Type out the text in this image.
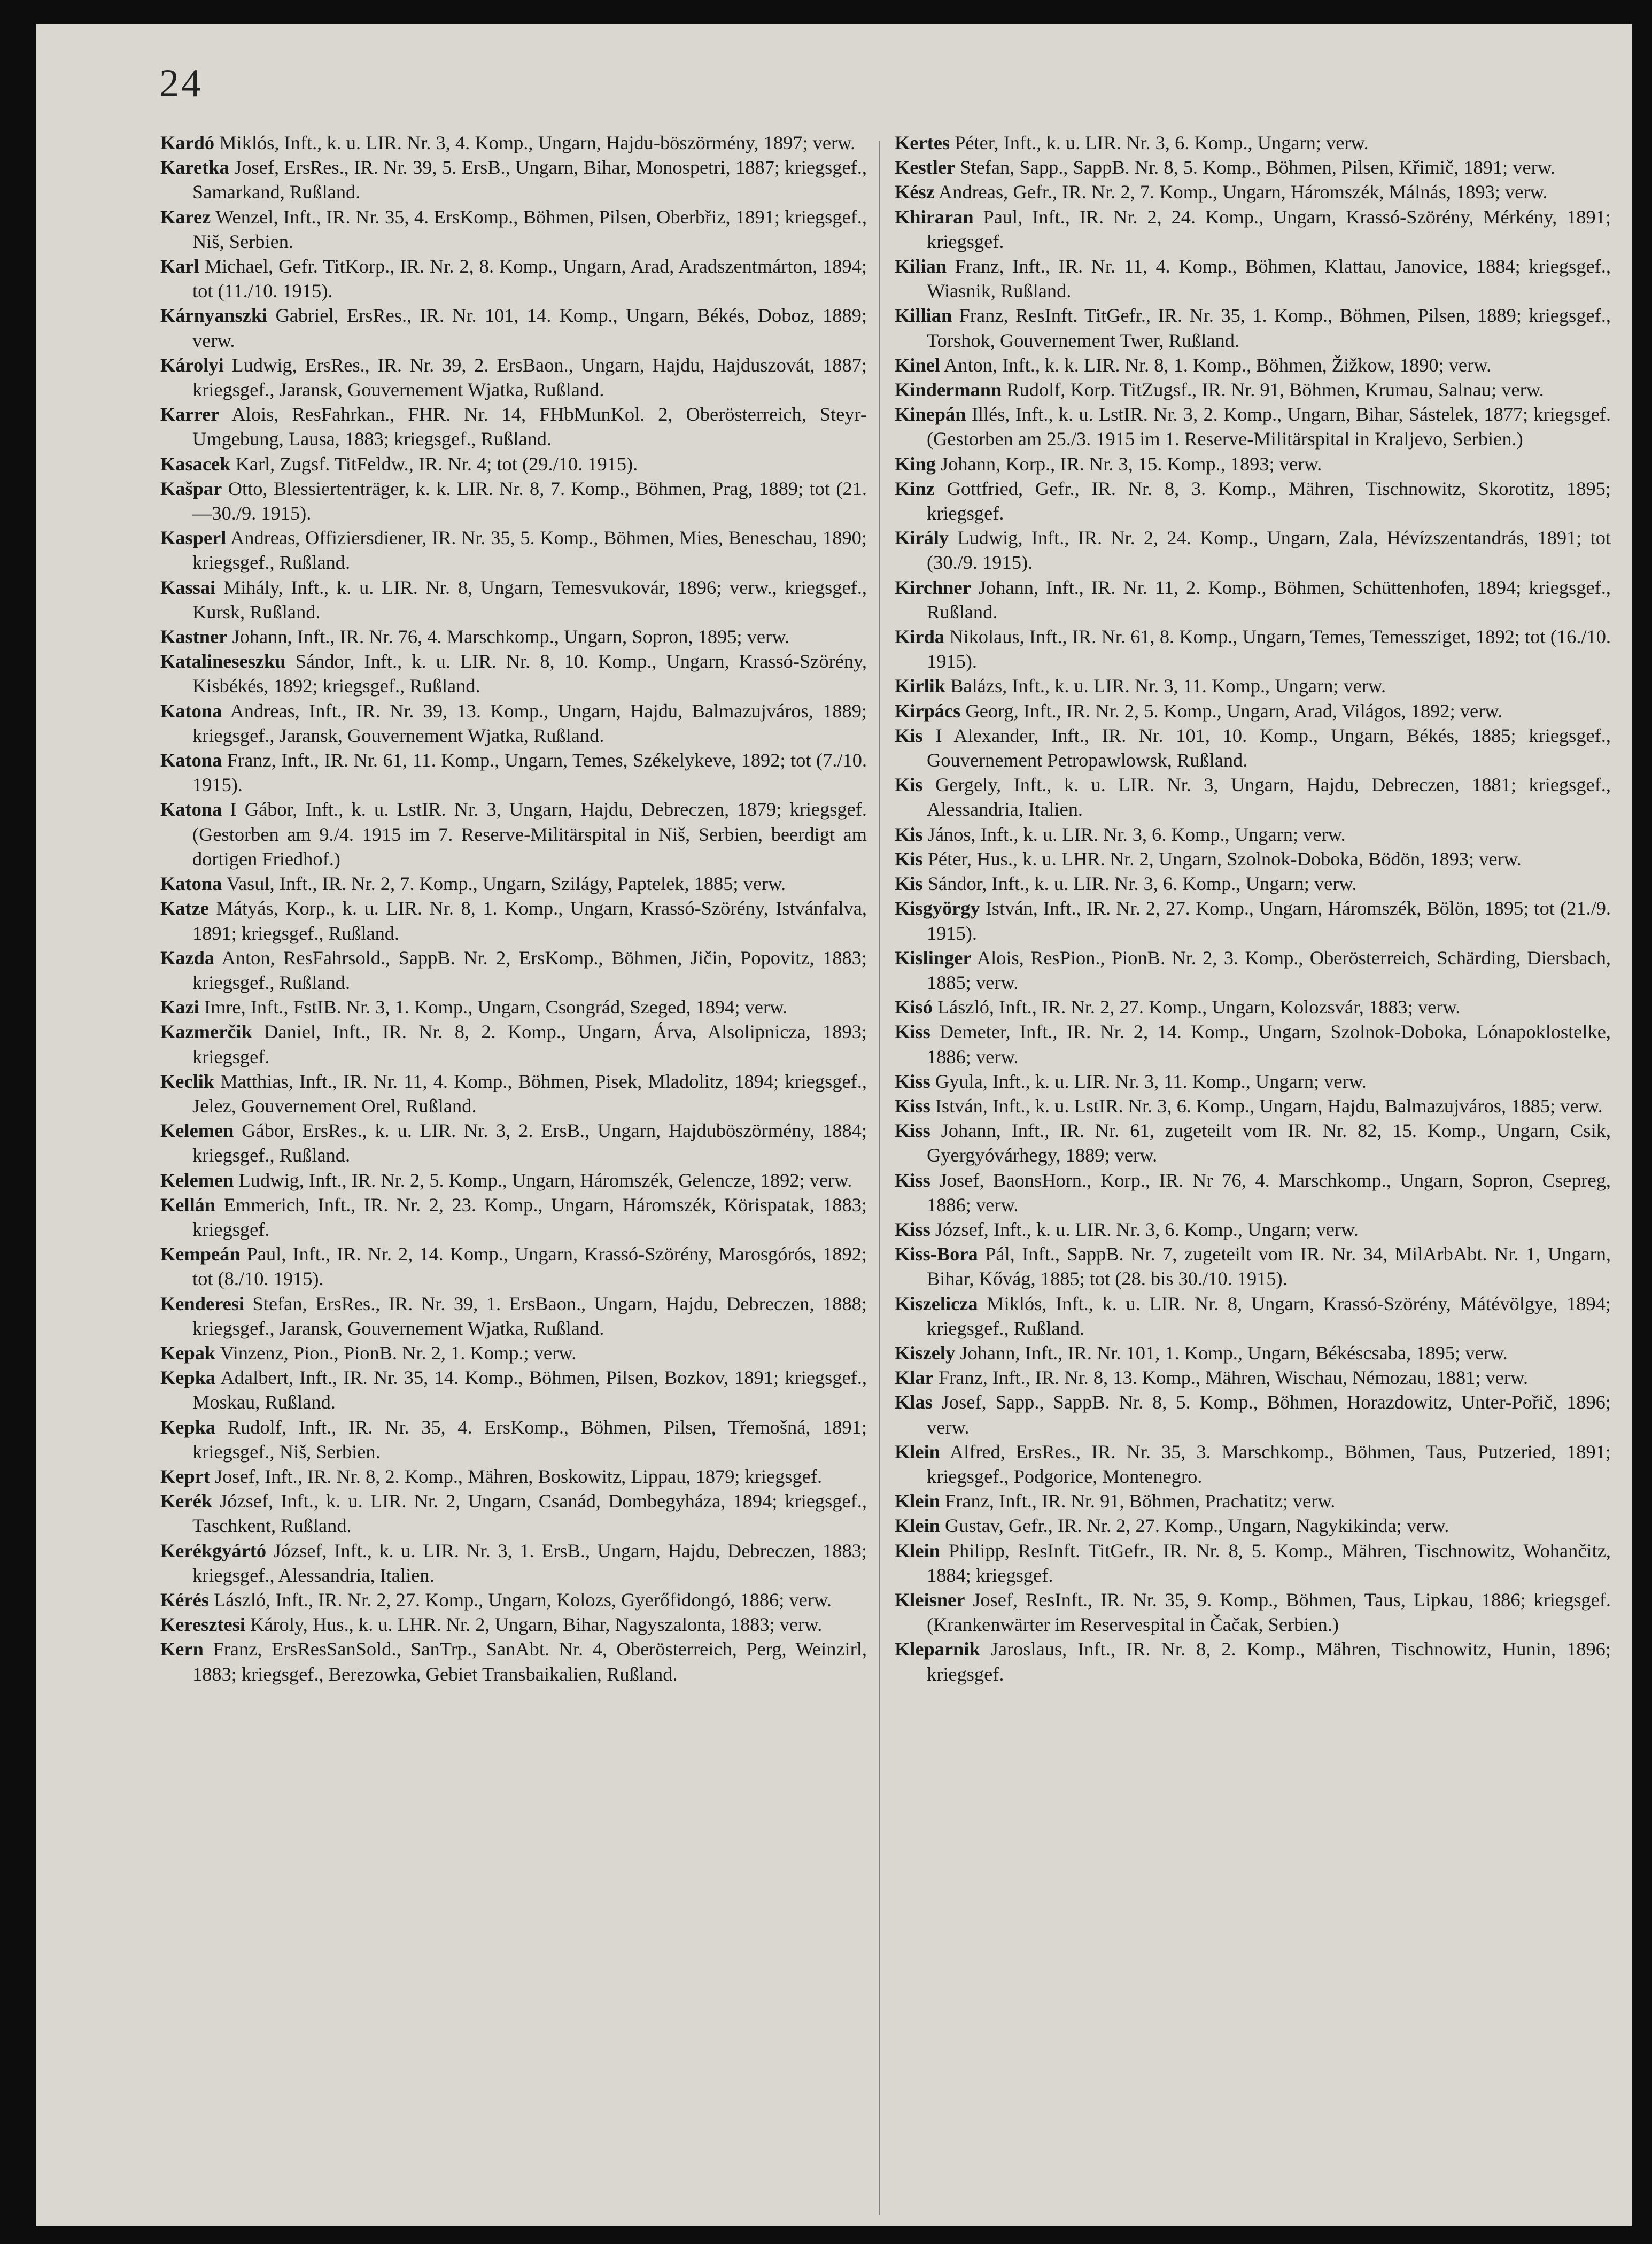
24

Kardó Miklós, Inft., k. u. LIR. Nr. 3, 4. Komp., Ungarn, Hajdu-böszörmény, 1897; verw.

Karetka Josef, ErsRes., IR. Nr. 39, 5. ErsB., Ungarn, Bihar, Monospetri, 1887; kriegsgef., Samarkand, Rußland.

Karez Wenzel, Inft., IR. Nr. 35, 4. ErsKomp., Böhmen, Pilsen, Oberbřiz, 1891; kriegsgef., Niš, Serbien.

Karl Michael, Gefr. TitKorp., IR. Nr. 2, 8. Komp., Ungarn, Arad, Aradszentmárton, 1894; tot (11./10. 1915).

Kárnyanszki Gabriel, ErsRes., IR. Nr. 101, 14. Komp., Ungarn, Békés, Doboz, 1889; verw.

Károlyi Ludwig, ErsRes., IR. Nr. 39, 2. ErsBaon., Ungarn, Hajdu, Hajduszovát, 1887; kriegsgef., Jaransk, Gouvernement Wjatka, Rußland.

Karrer Alois, ResFahrkan., FHR. Nr. 14, FHbMunKol. 2, Oberösterreich, Steyr-Umgebung, Lausa, 1883; kriegsgef., Rußland.

Kasacek Karl, Zugsf. TitFeldw., IR. Nr. 4; tot (29./10. 1915).

Kašpar Otto, Blessiertenträger, k. k. LIR. Nr. 8, 7. Komp., Böhmen, Prag, 1889; tot (21.—30./9. 1915).

Kasperl Andreas, Offiziersdiener, IR. Nr. 35, 5. Komp., Böhmen, Mies, Beneschau, 1890; kriegsgef., Rußland.

Kassai Mihály, Inft., k. u. LIR. Nr. 8, Ungarn, Temesvukovár, 1896; verw., kriegsgef., Kursk, Rußland.

Kastner Johann, Inft., IR. Nr. 76, 4. Marschkomp., Ungarn, Sopron, 1895; verw.

Katalineseszku Sándor, Inft., k. u. LIR. Nr. 8, 10. Komp., Ungarn, Krassó-Szörény, Kisbékés, 1892; kriegsgef., Rußland.

Katona Andreas, Inft., IR. Nr. 39, 13. Komp., Ungarn, Hajdu, Balmazujváros, 1889; kriegsgef., Jaransk, Gouvernement Wjatka, Rußland.

Katona Franz, Inft., IR. Nr. 61, 11. Komp., Ungarn, Temes, Székelykeve, 1892; tot (7./10. 1915).

Katona I Gábor, Inft., k. u. LstIR. Nr. 3, Ungarn, Hajdu, Debreczen, 1879; kriegsgef. (Gestorben am 9./4. 1915 im 7. Reserve-Militärspital in Niš, Serbien, beerdigt am dortigen Friedhof.)

Katona Vasul, Inft., IR. Nr. 2, 7. Komp., Ungarn, Szilágy, Paptelek, 1885; verw.

Katze Mátyás, Korp., k. u. LIR. Nr. 8, 1. Komp., Ungarn, Krassó-Szörény, Istvánfalva, 1891; kriegsgef., Rußland.

Kazda Anton, ResFahrsold., SappB. Nr. 2, ErsKomp., Böhmen, Jičin, Popovitz, 1883; kriegsgef., Rußland.

Kazi Imre, Inft., FstIB. Nr. 3, 1. Komp., Ungarn, Csongrád, Szeged, 1894; verw.

Kazmerčik Daniel, Inft., IR. Nr. 8, 2. Komp., Ungarn, Árva, Alsolipnicza, 1893; kriegsgef.

Keclik Matthias, Inft., IR. Nr. 11, 4. Komp., Böhmen, Pisek, Mladolitz, 1894; kriegsgef., Jelez, Gouvernement Orel, Rußland.

Kelemen Gábor, ErsRes., k. u. LIR. Nr. 3, 2. ErsB., Ungarn, Hajduböszörmény, 1884; kriegsgef., Rußland.

Kelemen Ludwig, Inft., IR. Nr. 2, 5. Komp., Ungarn, Háromszék, Gelencze, 1892; verw.

Kellán Emmerich, Inft., IR. Nr. 2, 23. Komp., Ungarn, Háromszék, Körispatak, 1883; kriegsgef.

Kempeán Paul, Inft., IR. Nr. 2, 14. Komp., Ungarn, Krassó-Szörény, Marosgórós, 1892; tot (8./10. 1915).

Kenderesi Stefan, ErsRes., IR. Nr. 39, 1. ErsBaon., Ungarn, Hajdu, Debreczen, 1888; kriegsgef., Jaransk, Gouvernement Wjatka, Rußland.

Kepak Vinzenz, Pion., PionB. Nr. 2, 1. Komp.; verw.

Kepka Adalbert, Inft., IR. Nr. 35, 14. Komp., Böhmen, Pilsen, Bozkov, 1891; kriegsgef., Moskau, Rußland.

Kepka Rudolf, Inft., IR. Nr. 35, 4. ErsKomp., Böhmen, Pilsen, Třemošná, 1891; kriegsgef., Niš, Serbien.

Keprt Josef, Inft., IR. Nr. 8, 2. Komp., Mähren, Boskowitz, Lippau, 1879; kriegsgef.

Kerék József, Inft., k. u. LIR. Nr. 2, Ungarn, Csanád, Dombegyháza, 1894; kriegsgef., Taschkent, Rußland.

Kerékgyártó József, Inft., k. u. LIR. Nr. 3, 1. ErsB., Ungarn, Hajdu, Debreczen, 1883; kriegsgef., Alessandria, Italien.

Kérés László, Inft., IR. Nr. 2, 27. Komp., Ungarn, Kolozs, Gyerőfidongó, 1886; verw.

Keresztesi Károly, Hus., k. u. LHR. Nr. 2, Ungarn, Bihar, Nagyszalonta, 1883; verw.

Kern Franz, ErsResSanSold., SanTrp., SanAbt. Nr. 4, Oberösterreich, Perg, Weinzirl, 1883; kriegsgef., Berezowka, Gebiet Transbaikalien, Rußland.

Kertes Péter, Inft., k. u. LIR. Nr. 3, 6. Komp., Ungarn; verw.

Kestler Stefan, Sapp., SappB. Nr. 8, 5. Komp., Böhmen, Pilsen, Křimič, 1891; verw.

Kész Andreas, Gefr., IR. Nr. 2, 7. Komp., Ungarn, Háromszék, Málnás, 1893; verw.

Khiraran Paul, Inft., IR. Nr. 2, 24. Komp., Ungarn, Krassó-Szörény, Mérkény, 1891; kriegsgef.

Kilian Franz, Inft., IR. Nr. 11, 4. Komp., Böhmen, Klattau, Janovice, 1884; kriegsgef., Wiasnik, Rußland.

Killian Franz, ResInft. TitGefr., IR. Nr. 35, 1. Komp., Böhmen, Pilsen, 1889; kriegsgef., Torshok, Gouvernement Twer, Rußland.

Kinel Anton, Inft., k. k. LIR. Nr. 8, 1. Komp., Böhmen, Žižkow, 1890; verw.

Kindermann Rudolf, Korp. TitZugsf., IR. Nr. 91, Böhmen, Krumau, Salnau; verw.

Kinepán Illés, Inft., k. u. LstIR. Nr. 3, 2. Komp., Ungarn, Bihar, Sástelek, 1877; kriegsgef. (Gestorben am 25./3. 1915 im 1. Reserve-Militärspital in Kraljevo, Serbien.)

King Johann, Korp., IR. Nr. 3, 15. Komp., 1893; verw.

Kinz Gottfried, Gefr., IR. Nr. 8, 3. Komp., Mähren, Tischnowitz, Skorotitz, 1895; kriegsgef.

Király Ludwig, Inft., IR. Nr. 2, 24. Komp., Ungarn, Zala, Hévízszentandrás, 1891; tot (30./9. 1915).

Kirchner Johann, Inft., IR. Nr. 11, 2. Komp., Böhmen, Schüttenhofen, 1894; kriegsgef., Rußland.

Kirda Nikolaus, Inft., IR. Nr. 61, 8. Komp., Ungarn, Temes, Temessziget, 1892; tot (16./10. 1915).

Kirlik Balázs, Inft., k. u. LIR. Nr. 3, 11. Komp., Ungarn; verw.

Kirpács Georg, Inft., IR. Nr. 2, 5. Komp., Ungarn, Arad, Világos, 1892; verw.

Kis I Alexander, Inft., IR. Nr. 101, 10. Komp., Ungarn, Békés, 1885; kriegsgef., Gouvernement Petropawlowsk, Rußland.

Kis Gergely, Inft., k. u. LIR. Nr. 3, Ungarn, Hajdu, Debreczen, 1881; kriegsgef., Alessandria, Italien.

Kis János, Inft., k. u. LIR. Nr. 3, 6. Komp., Ungarn; verw.

Kis Péter, Hus., k. u. LHR. Nr. 2, Ungarn, Szolnok-Doboka, Bödön, 1893; verw.

Kis Sándor, Inft., k. u. LIR. Nr. 3, 6. Komp., Ungarn; verw.

Kisgyörgy István, Inft., IR. Nr. 2, 27. Komp., Ungarn, Háromszék, Bölön, 1895; tot (21./9. 1915).

Kislinger Alois, ResPion., PionB. Nr. 2, 3. Komp., Oberösterreich, Schärding, Diersbach, 1885; verw.

Kisó László, Inft., IR. Nr. 2, 27. Komp., Ungarn, Kolozsvár, 1883; verw.

Kiss Demeter, Inft., IR. Nr. 2, 14. Komp., Ungarn, Szolnok-Doboka, Lónapoklostelke, 1886; verw.

Kiss Gyula, Inft., k. u. LIR. Nr. 3, 11. Komp., Ungarn; verw.

Kiss István, Inft., k. u. LstIR. Nr. 3, 6. Komp., Ungarn, Hajdu, Balmazujváros, 1885; verw.

Kiss Johann, Inft., IR. Nr. 61, zugeteilt vom IR. Nr. 82, 15. Komp., Ungarn, Csik, Gyergyóvárhegy, 1889; verw.

Kiss Josef, BaonsHorn., Korp., IR. Nr 76, 4. Marschkomp., Ungarn, Sopron, Csepreg, 1886; verw.

Kiss József, Inft., k. u. LIR. Nr. 3, 6. Komp., Ungarn; verw.

Kiss-Bora Pál, Inft., SappB. Nr. 7, zugeteilt vom IR. Nr. 34, MilArbAbt. Nr. 1, Ungarn, Bihar, Kővág, 1885; tot (28. bis 30./10. 1915).

Kiszelicza Miklós, Inft., k. u. LIR. Nr. 8, Ungarn, Krassó-Szörény, Mátévölgye, 1894; kriegsgef., Rußland.

Kiszely Johann, Inft., IR. Nr. 101, 1. Komp., Ungarn, Békéscsaba, 1895; verw.

Klar Franz, Inft., IR. Nr. 8, 13. Komp., Mähren, Wischau, Némozau, 1881; verw.

Klas Josef, Sapp., SappB. Nr. 8, 5. Komp., Böhmen, Horazdowitz, Unter-Pořič, 1896; verw.

Klein Alfred, ErsRes., IR. Nr. 35, 3. Marschkomp., Böhmen, Taus, Putzeried, 1891; kriegsgef., Podgorice, Montenegro.

Klein Franz, Inft., IR. Nr. 91, Böhmen, Prachatitz; verw.

Klein Gustav, Gefr., IR. Nr. 2, 27. Komp., Ungarn, Nagykikinda; verw.

Klein Philipp, ResInft. TitGefr., IR. Nr. 8, 5. Komp., Mähren, Tischnowitz, Wohančitz, 1884; kriegsgef.

Kleisner Josef, ResInft., IR. Nr. 35, 9. Komp., Böhmen, Taus, Lipkau, 1886; kriegsgef. (Krankenwärter im Reservespital in Čačak, Serbien.)

Kleparnik Jaroslaus, Inft., IR. Nr. 8, 2. Komp., Mähren, Tischnowitz, Hunin, 1896; kriegsgef.
